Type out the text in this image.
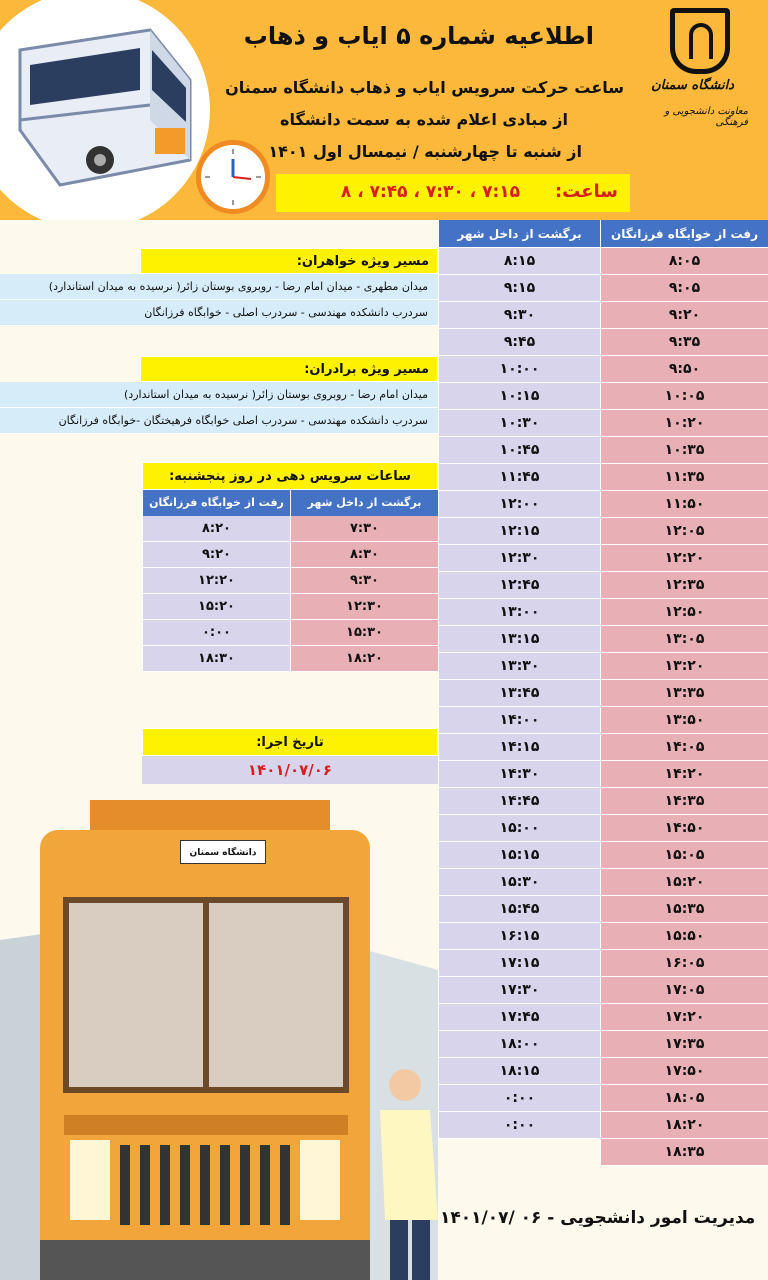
اطلاعیه شماره ۵ ایاب و ذهاب
ساعت حرکت سرویس ایاب و ذهاب دانشگاه سمنان
از مبادی اعلام شده به سمت دانشگاه
از شنبه تا چهارشنبه / نیمسال اول ۱۴۰۱
ساعت:
۷:۱۵ ، ۷:۳۰ ، ۷:۴۵ ، ۸
دانشگاه سمنان
معاونت دانشجویی و فرهنگی
رفت از خوابگاه فرزانگان
۸:۰۵
۹:۰۵
۹:۲۰
۹:۳۵
۹:۵۰
۱۰:۰۵
۱۰:۲۰
۱۰:۳۵
۱۱:۳۵
۱۱:۵۰
۱۲:۰۵
۱۲:۲۰
۱۲:۳۵
۱۲:۵۰
۱۳:۰۵
۱۳:۲۰
۱۳:۳۵
۱۳:۵۰
۱۴:۰۵
۱۴:۲۰
۱۴:۳۵
۱۴:۵۰
۱۵:۰۵
۱۵:۲۰
۱۵:۳۵
۱۵:۵۰
۱۶:۰۵
۱۷:۰۵
۱۷:۲۰
۱۷:۳۵
۱۷:۵۰
۱۸:۰۵
۱۸:۲۰
۱۸:۳۵
برگشت از داخل شهر
۸:۱۵
۹:۱۵
۹:۳۰
۹:۴۵
۱۰:۰۰
۱۰:۱۵
۱۰:۳۰
۱۰:۴۵
۱۱:۴۵
۱۲:۰۰
۱۲:۱۵
۱۲:۳۰
۱۲:۴۵
۱۳:۰۰
۱۳:۱۵
۱۳:۳۰
۱۳:۴۵
۱۴:۰۰
۱۴:۱۵
۱۴:۳۰
۱۴:۴۵
۱۵:۰۰
۱۵:۱۵
۱۵:۳۰
۱۵:۴۵
۱۶:۱۵
۱۷:۱۵
۱۷:۳۰
۱۷:۴۵
۱۸:۰۰
۱۸:۱۵
۰:۰۰
۰:۰۰
مسیر ویژه خواهران:
میدان مطهری - میدان امام رضا - روبروی بوستان زائر( نرسیده به میدان استاندارد)
سردرب دانشکده مهندسی - سردرب اصلی - خوابگاه فرزانگان
مسیر ویژه برادران:
میدان امام رضا - روبروی بوستان زائر( نرسیده به میدان استاندارد)
سردرب دانشکده مهندسی - سردرب اصلی خوابگاه فرهیختگان -خوابگاه فرزانگان
ساعات سرویس دهی در روز پنجشنبه:
برگشت از داخل شهر
رفت از خوابگاه فرزانگان
۷:۳۰
۸:۲۰
۸:۳۰
۹:۲۰
۹:۳۰
۱۲:۲۰
۱۲:۳۰
۱۵:۲۰
۱۵:۳۰
۰:۰۰
۱۸:۲۰
۱۸:۳۰
تاریخ اجرا:
۱۴۰۱/۰۷/۰۶
دانشگاه سمنان
مدیریت امور دانشجویی - ۰۶ /۱۴۰۱/۰۷
